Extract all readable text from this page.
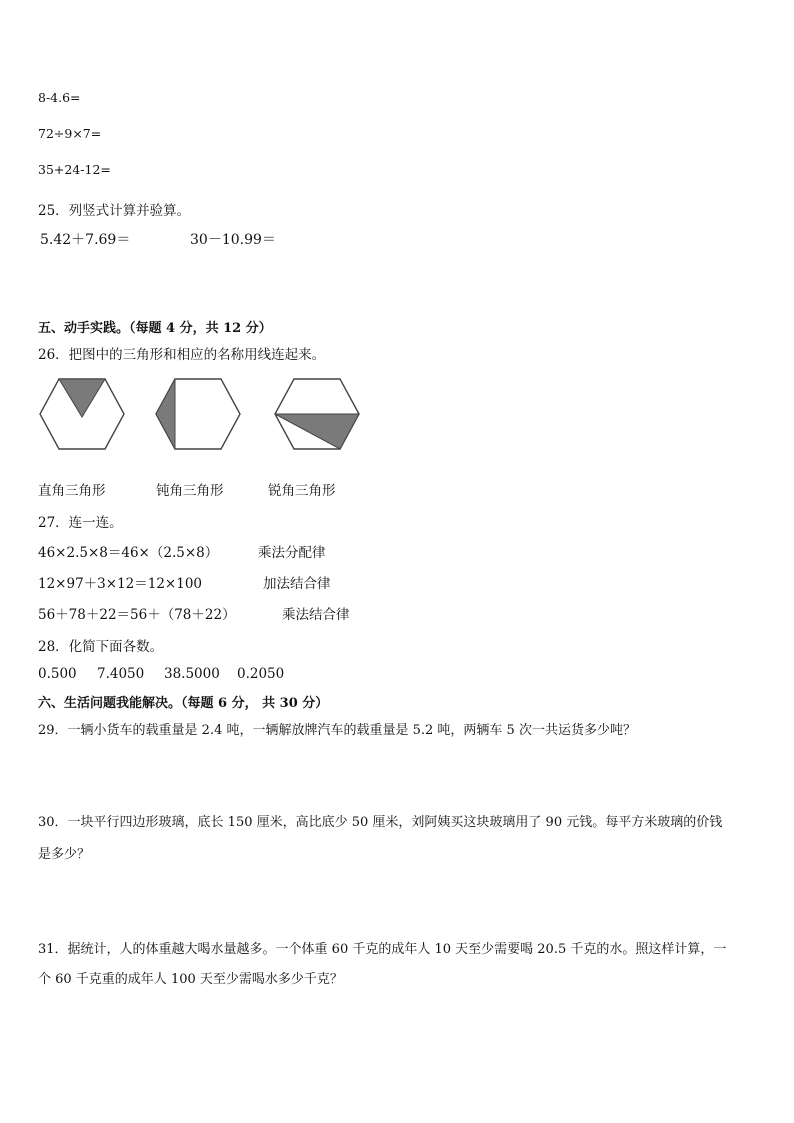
8-4.6=
72÷9×7=
35+24-12=
25．列竖式计算并验算。
5.42＋7.69＝	30－10.99＝
五、动手实践。（每题 4 分，共 12 分）
26．把图中的三角形和相应的名称用线连起来。
直角三角形	钝角三角形	锐角三角形
27．连一连。
46×2.5×8＝46×（2.5×8）	乘法分配律
12×97＋3×12＝12×100	加法结合律
56＋78＋22＝56＋（78＋22）	乘法结合律
28．化简下面各数。
0.500 7.4050 38.5000 0.2050
六、生活问题我能解决。（每题 6 分， 共 30 分）
29．一辆小货车的载重量是 2.4 吨，一辆解放牌汽车的载重量是 5.2 吨，两辆车 5 次一共运货多少吨？
30．一块平行四边形玻璃，底长 150 厘米，高比底少 50 厘米，刘阿姨买这块玻璃用了 90 元钱。每平方米玻璃的价钱
是多少？
31．据统计，人的体重越大喝水量越多。一个体重 60 千克的成年人 10 天至少需要喝 20.5 千克的水。照这样计算，一
个 60 千克重的成年人 100 天至少需喝水多少千克？
